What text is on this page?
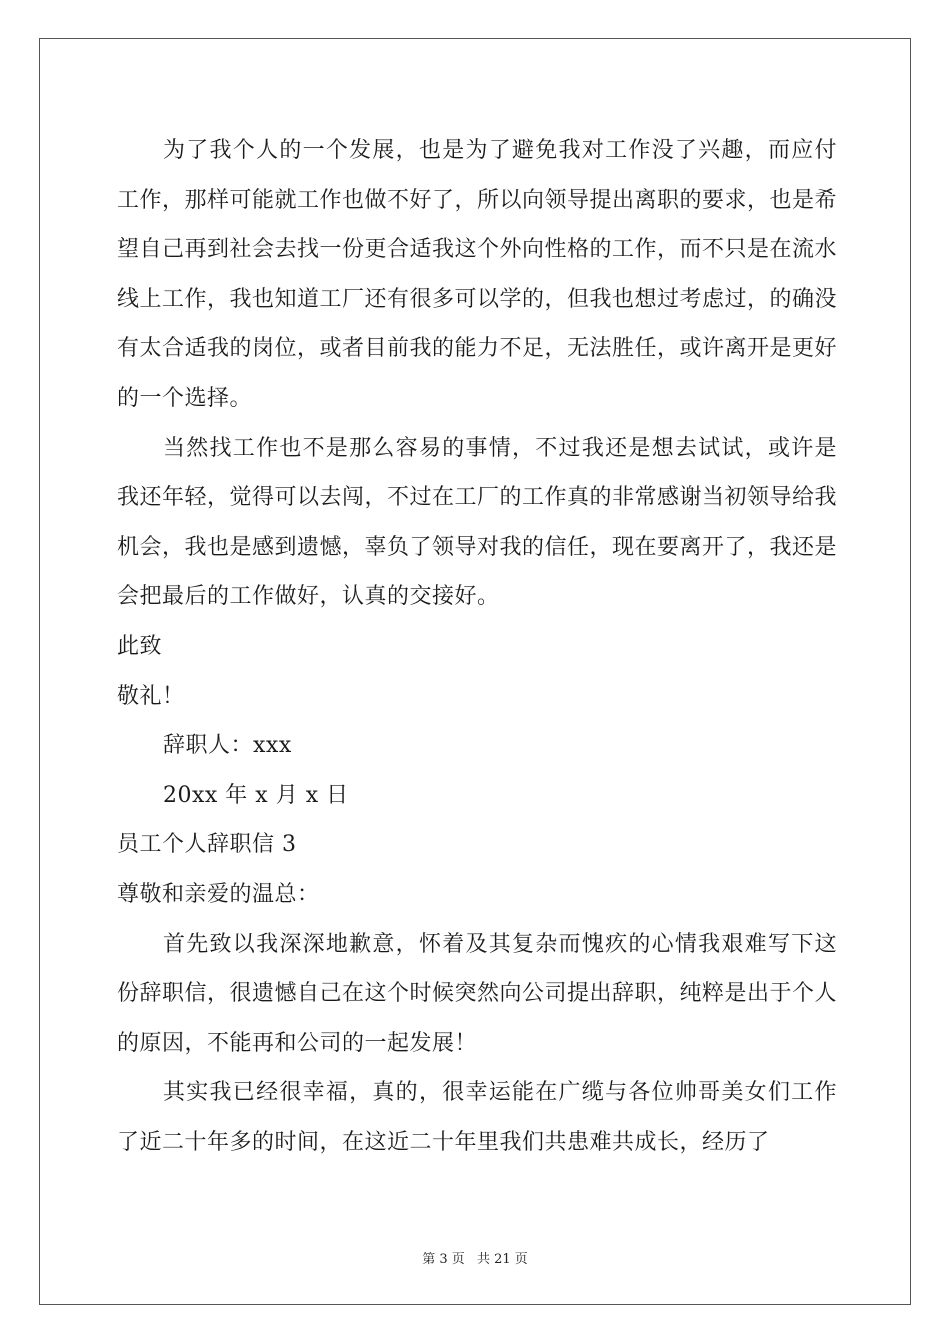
为了我个人的一个发展，也是为了避免我对工作没了兴趣，而应付工作，那样可能就工作也做不好了，所以向领导提出离职的要求，也是希望自己再到社会去找一份更合适我这个外向性格的工作，而不只是在流水线上工作，我也知道工厂还有很多可以学的，但我也想过考虑过，的确没有太合适我的岗位，或者目前我的能力不足，无法胜任，或许离开是更好的一个选择。

当然找工作也不是那么容易的事情，不过我还是想去试试，或许是我还年轻，觉得可以去闯，不过在工厂的工作真的非常感谢当初领导给我机会，我也是感到遗憾，辜负了领导对我的信任，现在要离开了，我还是会把最后的工作做好，认真的交接好。

此致

敬礼！

辞职人：xxx

20xx 年 x 月 x 日

员工个人辞职信 3

尊敬和亲爱的温总：

首先致以我深深地歉意，怀着及其复杂而愧疚的心情我艰难写下这份辞职信，很遗憾自己在这个时候突然向公司提出辞职，纯粹是出于个人的原因，不能再和公司的一起发展！

其实我已经很幸福，真的，很幸运能在广缆与各位帅哥美女们工作了近二十年多的时间，在这近二十年里我们共患难共成长，经历了

第 3 页 共 21 页
